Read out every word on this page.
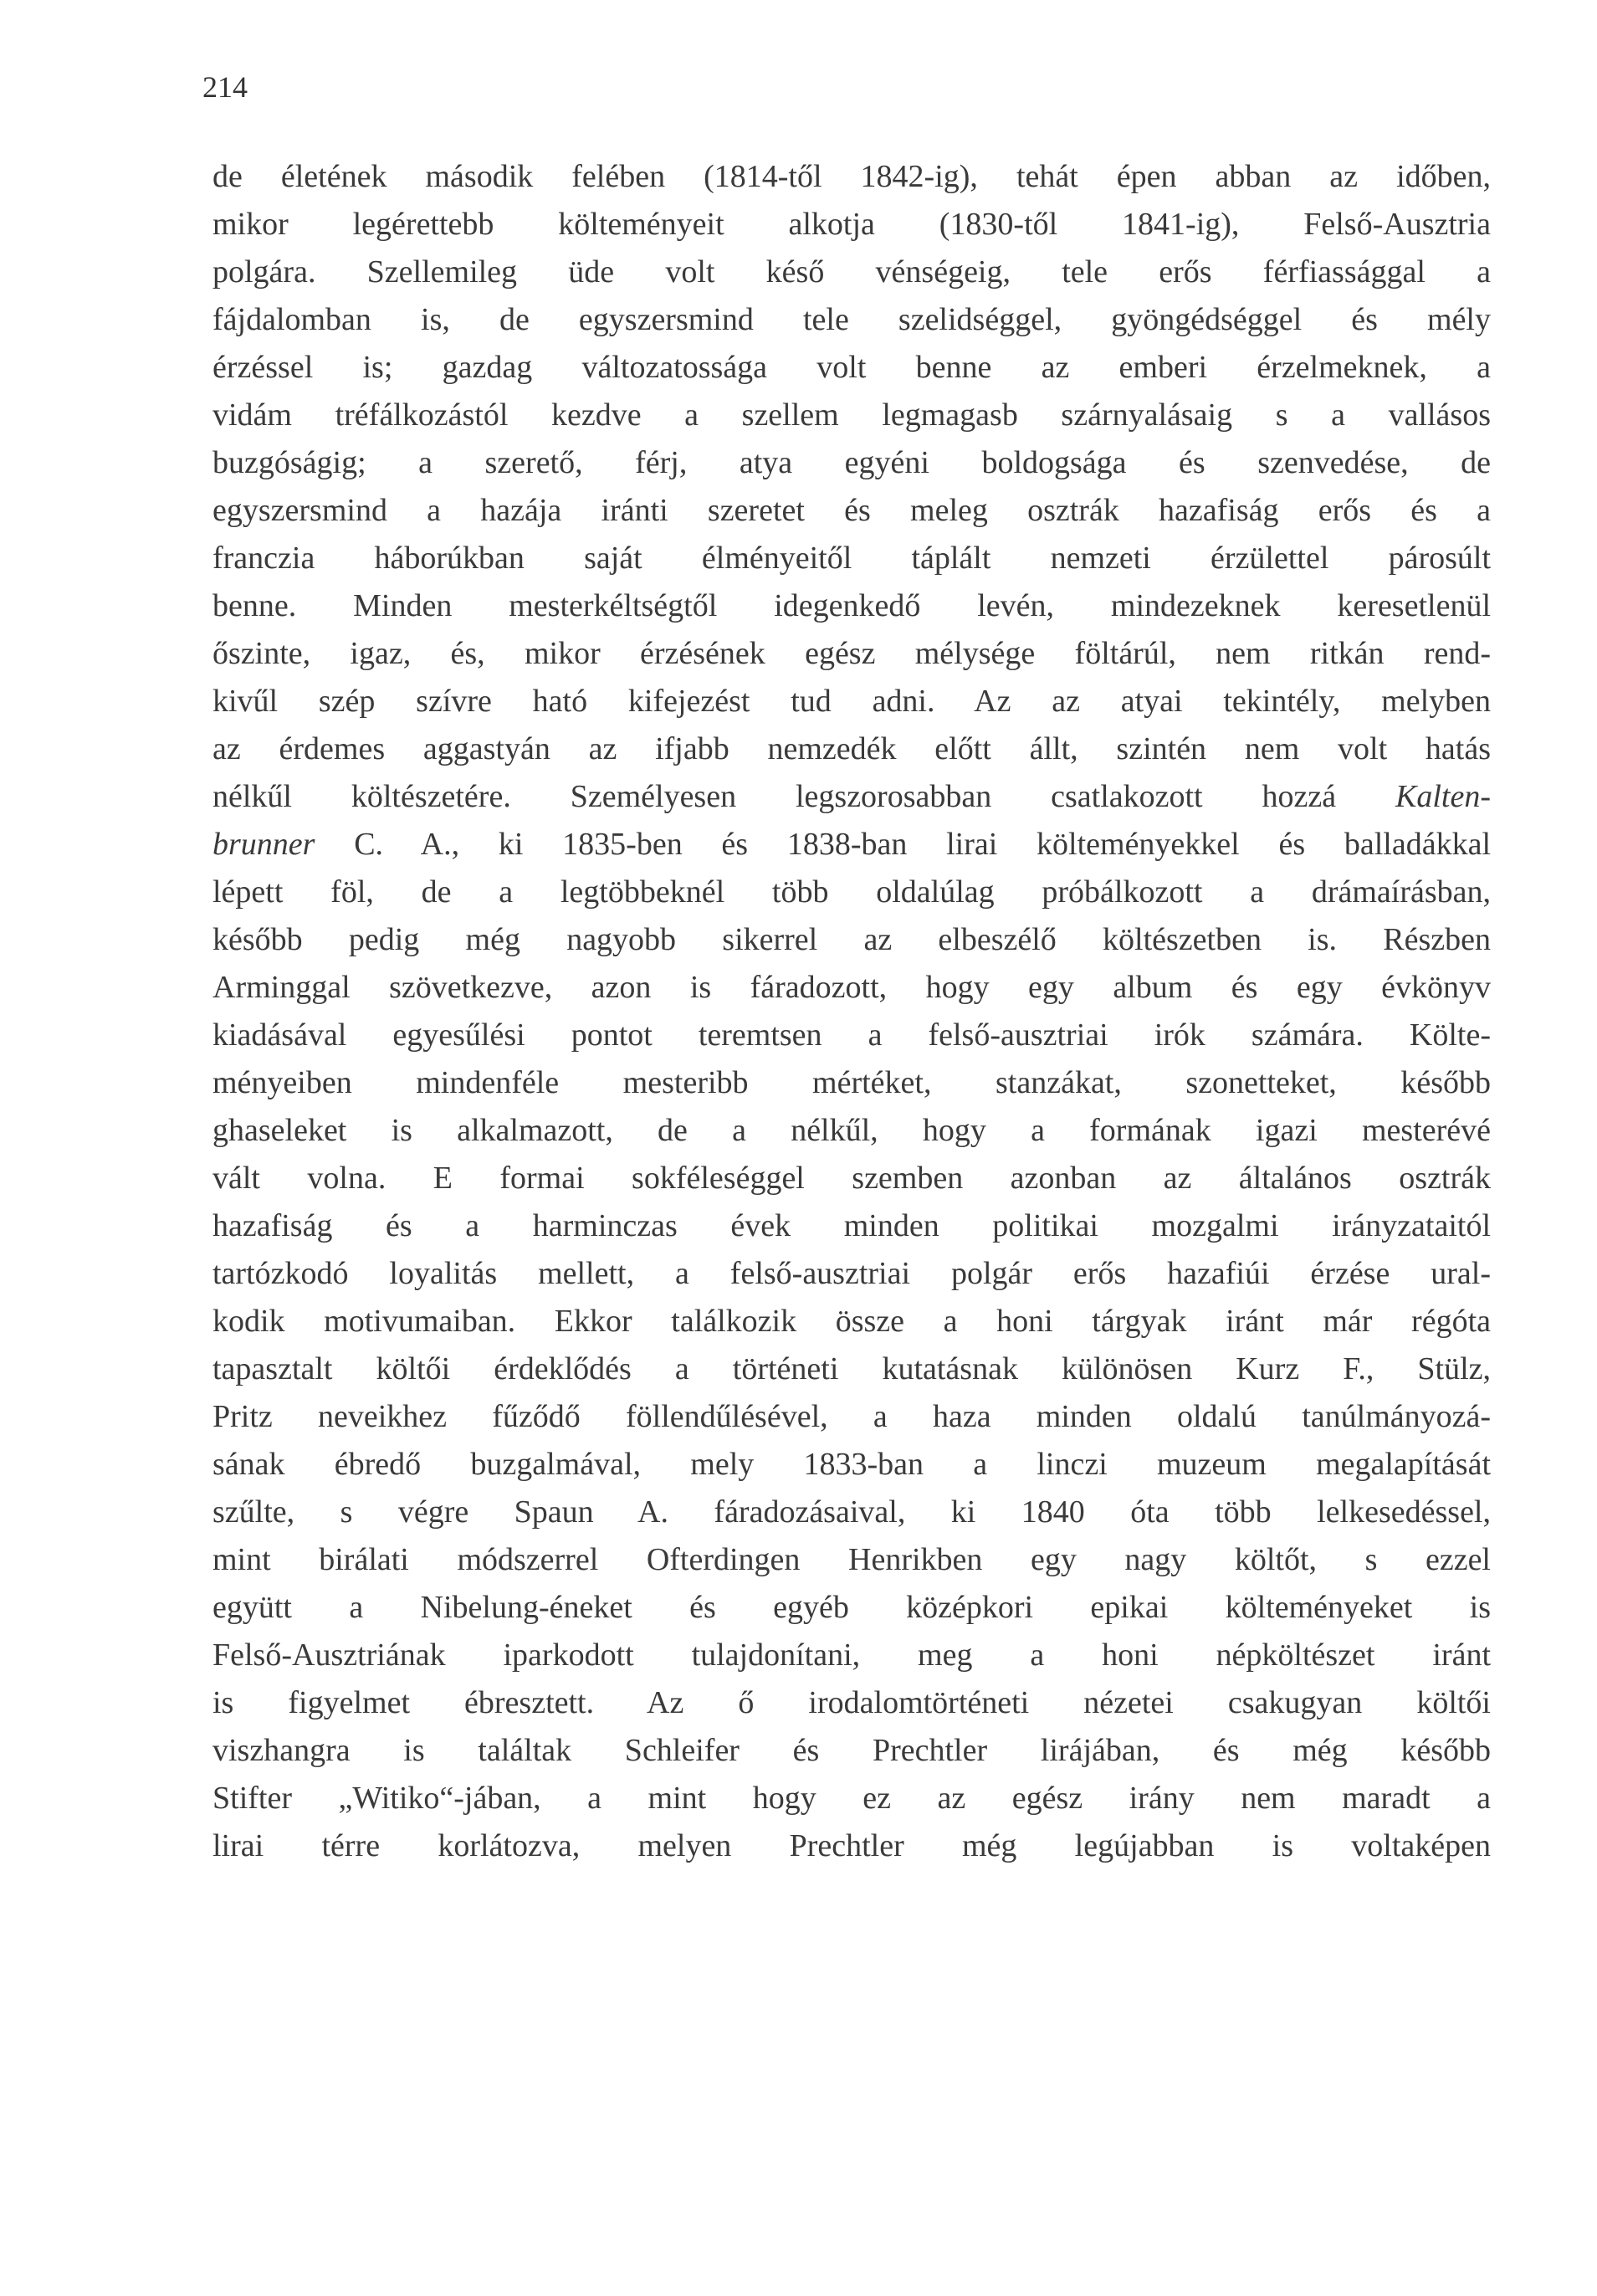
214
de életének második felében (1814-től 1842-ig), tehát épen abban az időben,
mikor legérettebb költeményeit alkotja (1830-től 1841-ig), Felső-Ausztria
polgára. Szellemileg üde volt késő vénségeig, tele erős férfiassággal a
fájdalomban is, de egyszersmind tele szelidséggel, gyöngédséggel és mély
érzéssel is; gazdag változatossága volt benne az emberi érzelmeknek, a
vidám tréfálkozástól kezdve a szellem legmagasb szárnyalásaig s a vallásos
buzgóságig; a szerető, férj, atya egyéni boldogsága és szenvedése, de
egyszersmind a hazája iránti szeretet és meleg osztrák hazafiság erős és a
franczia háborúkban saját élményeitől táplált nemzeti érzülettel párosúlt
benne. Minden mesterkéltségtől idegenkedő levén, mindezeknek keresetlenül
őszinte, igaz, és, mikor érzésének egész mélysége föltárúl, nem ritkán rend-
kivűl szép szívre ható kifejezést tud adni. Az az atyai tekintély, melyben
az érdemes aggastyán az ifjabb nemzedék előtt állt, szintén nem volt hatás
nélkűl költészetére. Személyesen legszorosabban csatlakozott hozzá Kalten-
brunner C. A., ki 1835-ben és 1838-ban lirai költeményekkel és balladákkal
lépett föl, de a legtöbbeknél több oldalúlag próbálkozott a drámaírásban,
később pedig még nagyobb sikerrel az elbeszélő költészetben is. Részben
Arminggal szövetkezve, azon is fáradozott, hogy egy album és egy évkönyv
kiadásával egyesűlési pontot teremtsen a felső-ausztriai irók számára. Költe-
ményeiben mindenféle mesteribb mértéket, stanzákat, szonetteket, később
ghaseleket is alkalmazott, de a nélkűl, hogy a formának igazi mesterévé
vált volna. E formai sokféleséggel szemben azonban az általános osztrák
hazafiság és a harminczas évek minden politikai mozgalmi irányzataitól
tartózkodó loyalitás mellett, a felső-ausztriai polgár erős hazafiúi érzése ural-
kodik motivumaiban. Ekkor találkozik össze a honi tárgyak iránt már régóta
tapasztalt költői érdeklődés a történeti kutatásnak különösen Kurz F., Stülz,
Pritz neveikhez fűződő föllendűlésével, a haza minden oldalú tanúlmányozá-
sának ébredő buzgalmával, mely 1833-ban a linczi muzeum megalapítását
szűlte, s végre Spaun A. fáradozásaival, ki 1840 óta több lelkesedéssel,
mint birálati módszerrel Ofterdingen Henrikben egy nagy költőt, s ezzel
együtt a Nibelung-éneket és egyéb középkori epikai költeményeket is
Felső-Ausztriának iparkodott tulajdonítani, meg a honi népköltészet iránt
is figyelmet ébresztett. Az ő irodalomtörténeti nézetei csakugyan költői
viszhangra is találtak Schleifer és Prechtler lirájában, és még később
Stifter „Witiko“-jában, a mint hogy ez az egész irány nem maradt a
lirai térre korlátozva, melyen Prechtler még legújabban is voltaképen
